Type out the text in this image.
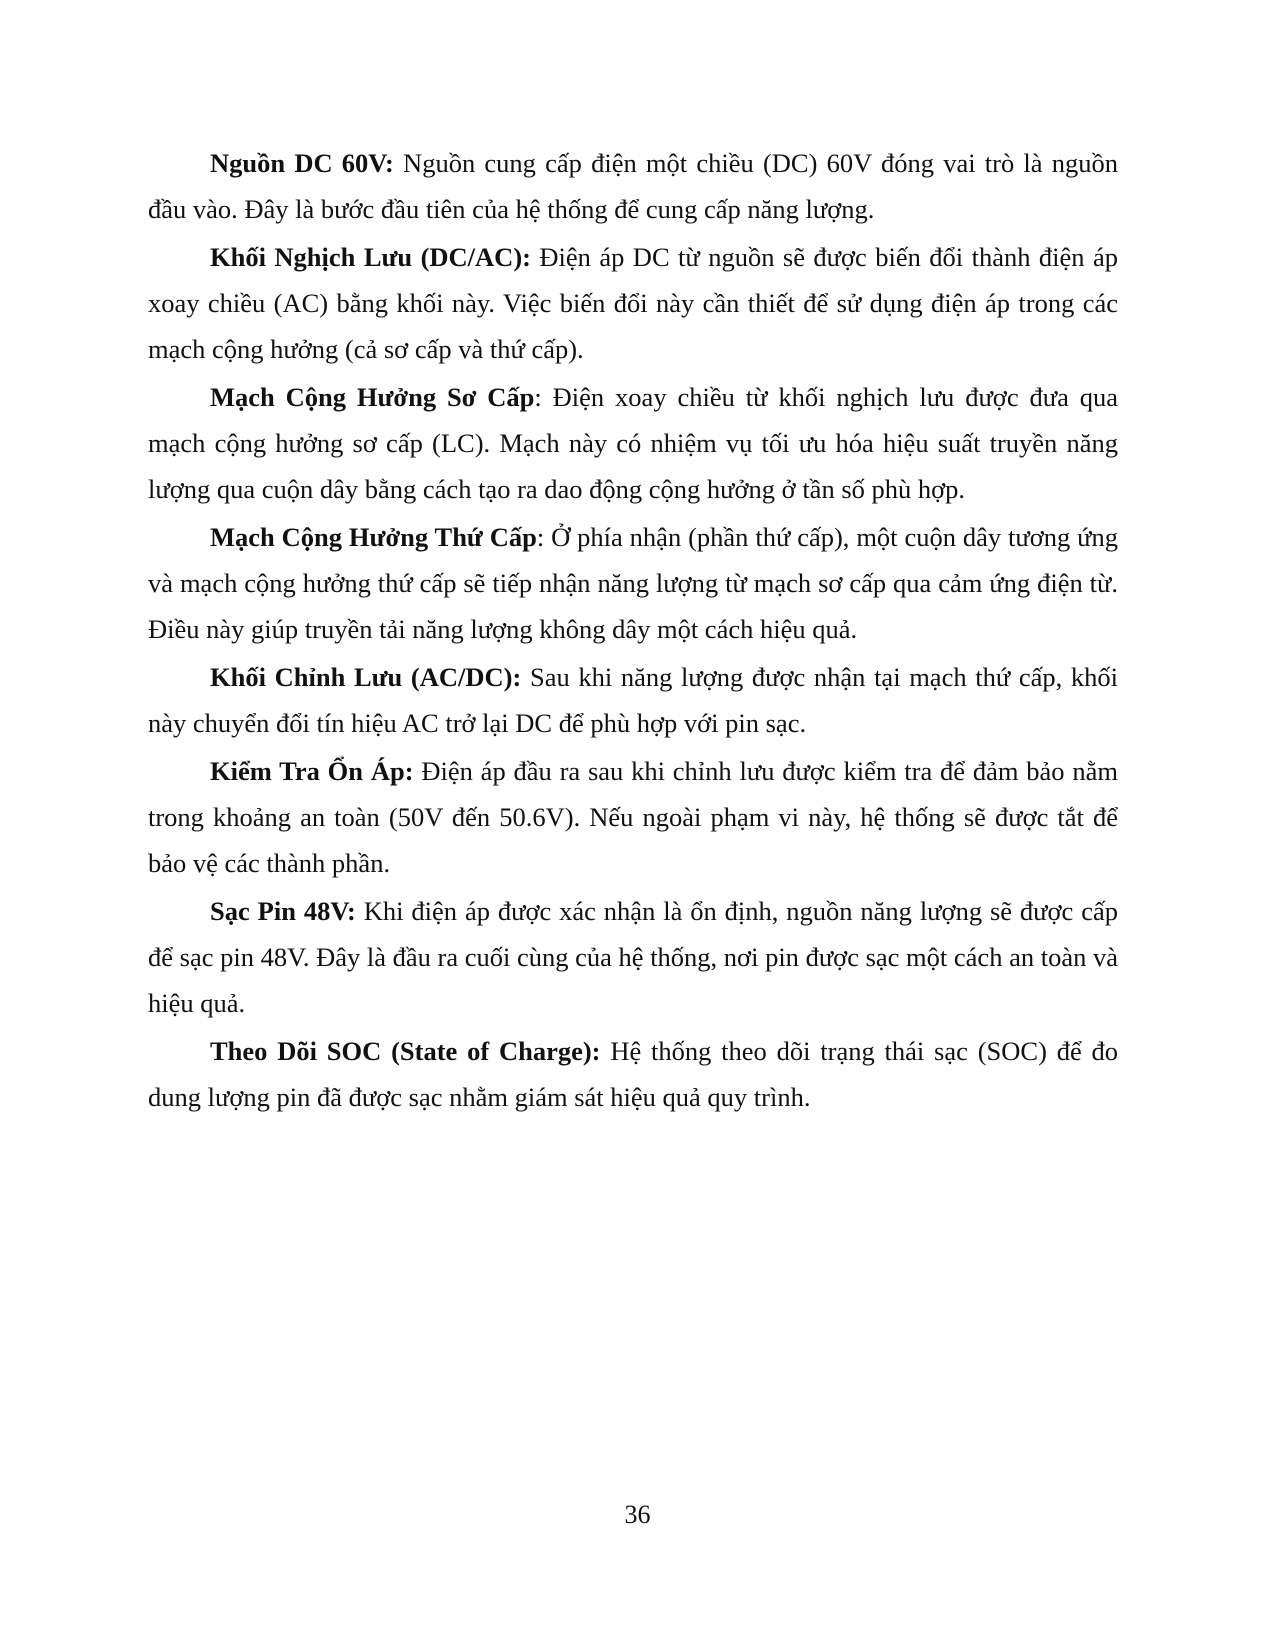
Nguồn DC 60V: Nguồn cung cấp điện một chiều (DC) 60V đóng vai trò là nguồn đầu vào. Đây là bước đầu tiên của hệ thống để cung cấp năng lượng.

Khối Nghịch Lưu (DC/AC): Điện áp DC từ nguồn sẽ được biến đổi thành điện áp xoay chiều (AC) bằng khối này. Việc biến đổi này cần thiết để sử dụng điện áp trong các mạch cộng hưởng (cả sơ cấp và thứ cấp).

Mạch Cộng Hưởng Sơ Cấp: Điện xoay chiều từ khối nghịch lưu được đưa qua mạch cộng hưởng sơ cấp (LC). Mạch này có nhiệm vụ tối ưu hóa hiệu suất truyền năng lượng qua cuộn dây bằng cách tạo ra dao động cộng hưởng ở tần số phù hợp.

Mạch Cộng Hưởng Thứ Cấp: Ở phía nhận (phần thứ cấp), một cuộn dây tương ứng và mạch cộng hưởng thứ cấp sẽ tiếp nhận năng lượng từ mạch sơ cấp qua cảm ứng điện từ. Điều này giúp truyền tải năng lượng không dây một cách hiệu quả.

Khối Chỉnh Lưu (AC/DC): Sau khi năng lượng được nhận tại mạch thứ cấp, khối này chuyển đổi tín hiệu AC trở lại DC để phù hợp với pin sạc.

Kiểm Tra Ổn Áp: Điện áp đầu ra sau khi chỉnh lưu được kiểm tra để đảm bảo nằm trong khoảng an toàn (50V đến 50.6V). Nếu ngoài phạm vi này, hệ thống sẽ được tắt để bảo vệ các thành phần.

Sạc Pin 48V: Khi điện áp được xác nhận là ổn định, nguồn năng lượng sẽ được cấp để sạc pin 48V. Đây là đầu ra cuối cùng của hệ thống, nơi pin được sạc một cách an toàn và hiệu quả.

Theo Dõi SOC (State of Charge): Hệ thống theo dõi trạng thái sạc (SOC) để đo dung lượng pin đã được sạc nhằm giám sát hiệu quả quy trình.

36
